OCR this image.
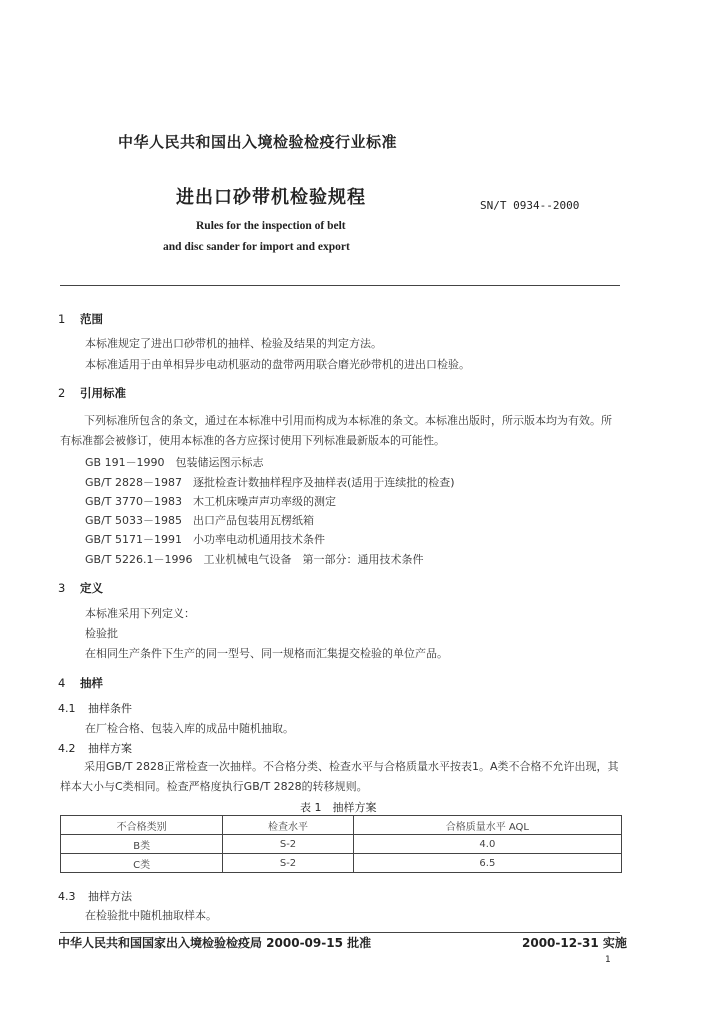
中华人民共和国出入境检验检疫行业标准
进出口砂带机检验规程	SN/T 0934--2000
Rules for the inspection of belt
and disc sander for import and export
1 范围
本标准规定了进出口砂带机的抽样、检验及结果的判定方法。
本标准适用于由单相异步电动机驱动的盘带两用联合磨光砂带机的进出口检验。
2 引用标准
下列标准所包含的条文，通过在本标准中引用而构成为本标准的条文。本标准出版时，所示版本均为有效。所有标准都会被修订，使用本标准的各方应探讨使用下列标准最新版本的可能性。
GB 191－1990　包装储运图示标志
GB/T 2828－1987　逐批检查计数抽样程序及抽样表(适用于连续批的检查)
GB/T 3770－1983　木工机床噪声声功率级的测定
GB/T 5033－1985　出口产品包装用瓦楞纸箱
GB/T 5171－1991　小功率电动机通用技术条件
GB/T 5226.1－1996　工业机械电气设备　第一部分：通用技术条件
3 定义
本标准采用下列定义：
检验批
在相同生产条件下生产的同一型号、同一规格而汇集提交检验的单位产品。
4 抽样
4.1 抽样条件
在厂检合格、包装入库的成品中随机抽取。
4.2 抽样方案
采用GB/T 2828正常检查一次抽样。不合格分类、检查水平与合格质量水平按表1。A类不合格不允许出现，其样本大小与C类相同。检查严格度执行GB/T 2828的转移规则。
表 1　抽样方案
不合格类别	检查水平	合格质量水平 AQL
B类	S-2	4.0
C类	S-2	6.5
4.3 抽样方法
在检验批中随机抽取样本。
中华人民共和国国家出入境检验检疫局 2000-09-15 批准	2000-12-31 实施
1
